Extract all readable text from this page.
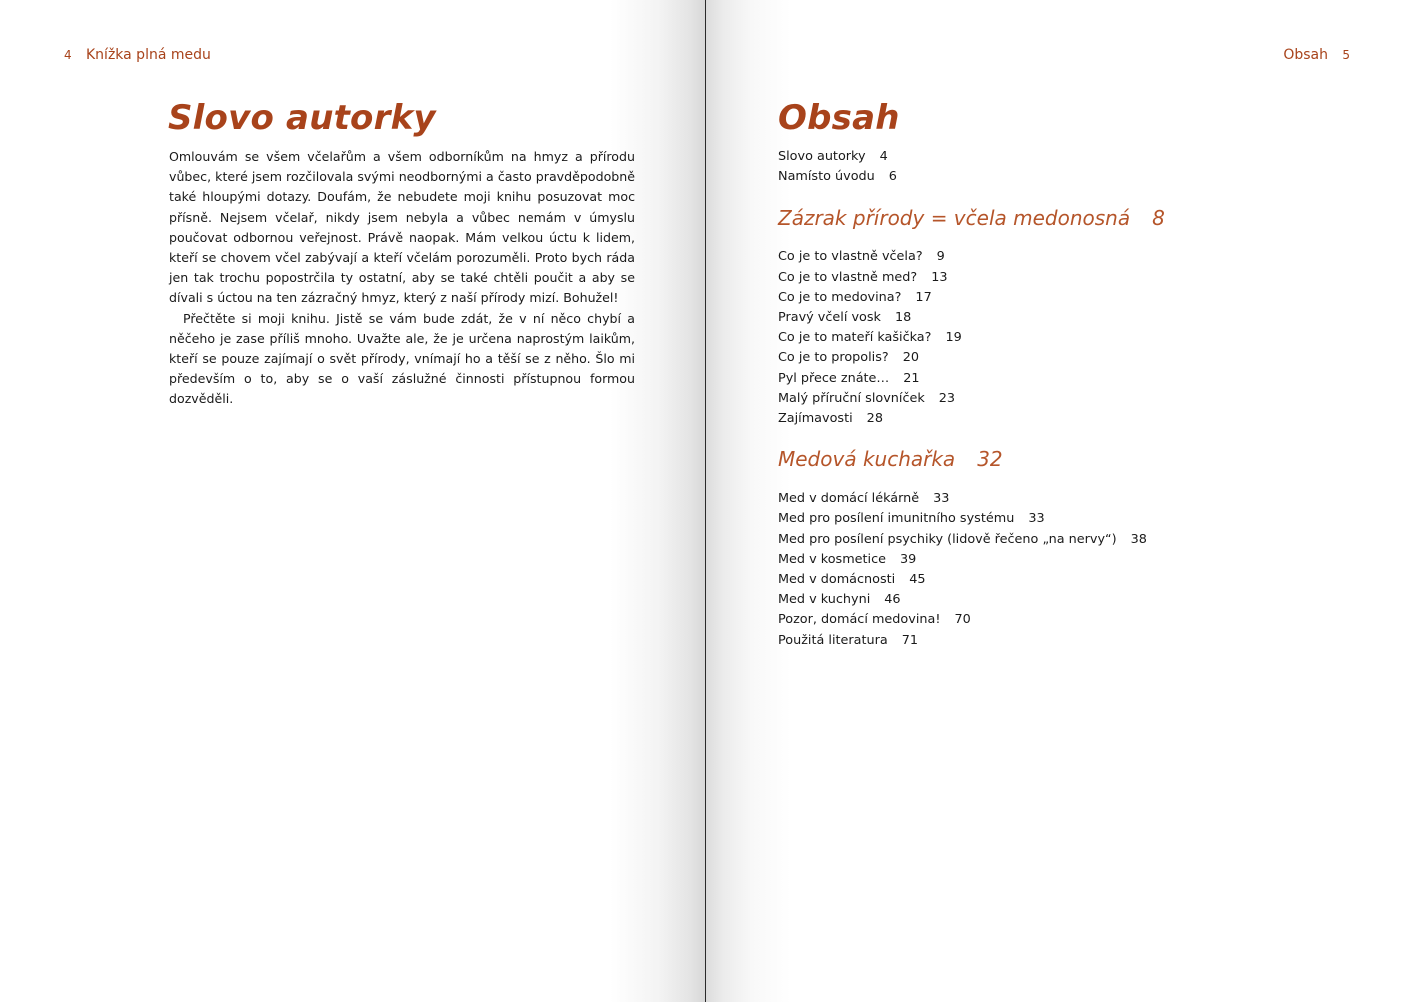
4 Knížka plná medu
Slovo autorky

Omlouvám se všem včelařům a všem odborníkům na hmyz a přírodu vůbec, které jsem rozčilovala svými neodbornými a často pravděpodobně také hloupými dotazy. Doufám, že nebudete moji knihu posuzovat moc přísně. Nejsem včelař, nikdy jsem nebyla a vůbec nemám v úmyslu poučovat odbornou veřejnost. Právě naopak. Mám velkou úctu k lidem, kteří se chovem včel zabývají a kteří včelám porozuměli. Proto bych ráda jen tak trochu popostrčila ty ostatní, aby se také chtěli poučit a aby se dívali s úctou na ten zázračný hmyz, který z naší přírody mizí. Bohužel!

Přečtěte si moji knihu. Jistě se vám bude zdát, že v ní něco chybí a něčeho je zase příliš mnoho. Uvažte ale, že je určena naprostým laikům, kteří se pouze zajímají o svět přírody, vnímají ho a těší se z něho. Šlo mi především o to, aby se o vaší záslužné činnosti přístupnou formou dozvěděli.

Obsah 5
Obsah
Slovo autorky 4
Namísto úvodu 6
Zázrak přírody = včela medonosná 8
Co je to vlastně včela? 9
Co je to vlastně med? 13
Co je to medovina? 17
Pravý včelí vosk 18
Co je to mateří kašička? 19
Co je to propolis? 20
Pyl přece znáte… 21
Malý příruční slovníček 23
Zajímavosti 28
Medová kuchařka 32
Med v domácí lékárně 33
Med pro posílení imunitního systému 33
Med pro posílení psychiky (lidově řečeno „na nervy“) 38
Med v kosmetice 39
Med v domácnosti 45
Med v kuchyni 46
Pozor, domácí medovina! 70
Použitá literatura 71
